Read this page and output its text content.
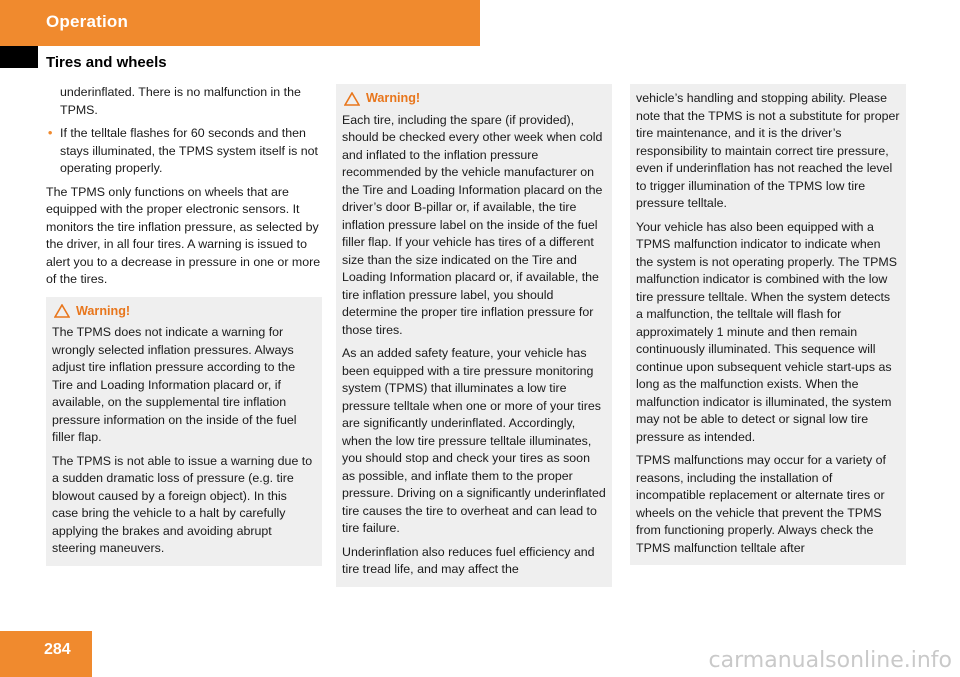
Operation
Tires and wheels

underinflated. There is no malfunction in the TPMS.

• If the telltale flashes for 60 seconds and then stays illuminated, the TPMS system itself is not operating properly.

The TPMS only functions on wheels that are equipped with the proper electronic sensors. It monitors the tire inflation pressure, as selected by the driver, in all four tires. A warning is issued to alert you to a decrease in pressure in one or more of the tires.

Warning!

The TPMS does not indicate a warning for wrongly selected inflation pressures. Always adjust tire inflation pressure according to the Tire and Loading Information placard or, if available, on the supplemental tire inflation pressure information on the inside of the fuel filler flap.

The TPMS is not able to issue a warning due to a sudden dramatic loss of pressure (e.g. tire blowout caused by a foreign object). In this case bring the vehicle to a halt by carefully applying the brakes and avoiding abrupt steering maneuvers.

Warning!

Each tire, including the spare (if provided), should be checked every other week when cold and inflated to the inflation pressure recommended by the vehicle manufacturer on the Tire and Loading Information placard on the driver’s door B-pillar or, if available, the tire inflation pressure label on the inside of the fuel filler flap. If your vehicle has tires of a different size than the size indicated on the Tire and Loading Information placard or, if available, the tire inflation pressure label, you should determine the proper tire inflation pressure for those tires.

As an added safety feature, your vehicle has been equipped with a tire pressure monitoring system (TPMS) that illuminates a low tire pressure telltale when one or more of your tires are significantly underinflated. Accordingly, when the low tire pressure telltale illuminates, you should stop and check your tires as soon as possible, and inflate them to the proper pressure. Driving on a significantly underinflated tire causes the tire to overheat and can lead to tire failure.

Underinflation also reduces fuel efficiency and tire tread life, and may affect the

vehicle’s handling and stopping ability. Please note that the TPMS is not a substitute for proper tire maintenance, and it is the driver’s responsibility to maintain correct tire pressure, even if underinflation has not reached the level to trigger illumination of the TPMS low tire pressure telltale.

Your vehicle has also been equipped with a TPMS malfunction indicator to indicate when the system is not operating properly. The TPMS malfunction indicator is combined with the low tire pressure telltale. When the system detects a malfunction, the telltale will flash for approximately 1 minute and then remain continuously illuminated. This sequence will continue upon subsequent vehicle start-ups as long as the malfunction exists. When the malfunction indicator is illuminated, the system may not be able to detect or signal low tire pressure as intended.

TPMS malfunctions may occur for a variety of reasons, including the installation of incompatible replacement or alternate tires or wheels on the vehicle that prevent the TPMS from functioning properly. Always check the TPMS malfunction telltale after

284	carmanualsonline.info
